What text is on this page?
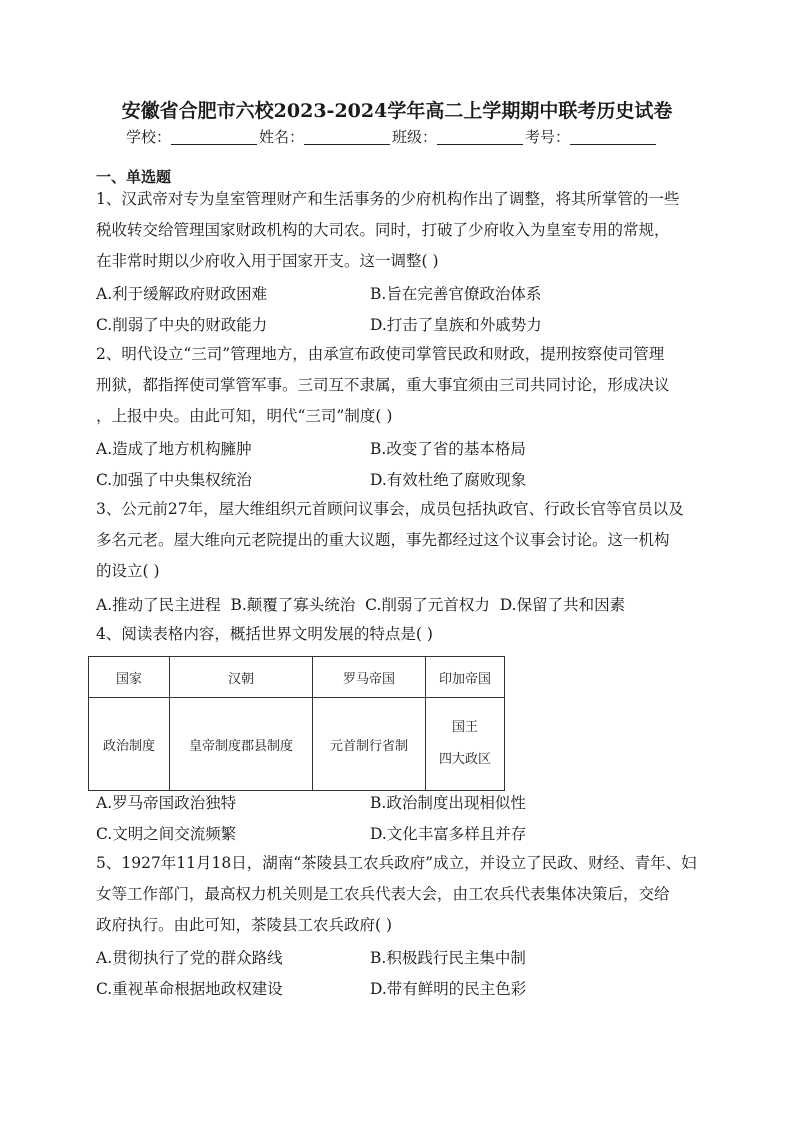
安徽省合肥市六校2023-2024学年高二上学期期中联考历史试卷
学校：	姓名：	班级：	考号：
一、单选题

1、汉武帝对专为皇室管理财产和生活事务的少府机构作出了调整，将其所掌管的一些

税收转交给管理国家财政机构的大司农。同时，打破了少府收入为皇室专用的常规，

在非常时期以少府收入用于国家开支。这一调整( )

A.利于缓解政府财政困难	B.旨在完善官僚政治体系
C.削弱了中央的财政能力	D.打击了皇族和外戚势力

2、明代设立“三司”管理地方，由承宣布政使司掌管民政和财政，提刑按察使司管理

刑狱，都指挥使司掌管军事。三司互不隶属，重大事宜须由三司共同讨论，形成决议

，上报中央。由此可知，明代“三司”制度( )

A.造成了地方机构臃肿	B.改变了省的基本格局
C.加强了中央集权统治	D.有效杜绝了腐败现象

3、公元前27年，屋大维组织元首顾问议事会，成员包括执政官、行政长官等官员以及

多名元老。屋大维向元老院提出的重大议题，事先都经过这个议事会讨论。这一机构

的设立( )

A.推动了民主进程 B.颠覆了寡头统治 C.削弱了元首权力 D.保留了共和因素

4、阅读表格内容，概括世界文明发展的特点是( )

国家	汉朝	罗马帝国	印加帝国
政治制度	皇帝制度郡县制度	元首制行省制	国王
四大政区
A.罗马帝国政治独特	B.政治制度出现相似性
C.文明之间交流频繁	D.文化丰富多样且并存

5、1927年11月18日，湖南“茶陵县工农兵政府”成立，并设立了民政、财经、青年、妇

女等工作部门，最高权力机关则是工农兵代表大会，由工农兵代表集体决策后，交给

政府执行。由此可知，茶陵县工农兵政府( )

A.贯彻执行了党的群众路线	B.积极践行民主集中制
C.重视革命根据地政权建设	D.带有鲜明的民主色彩
